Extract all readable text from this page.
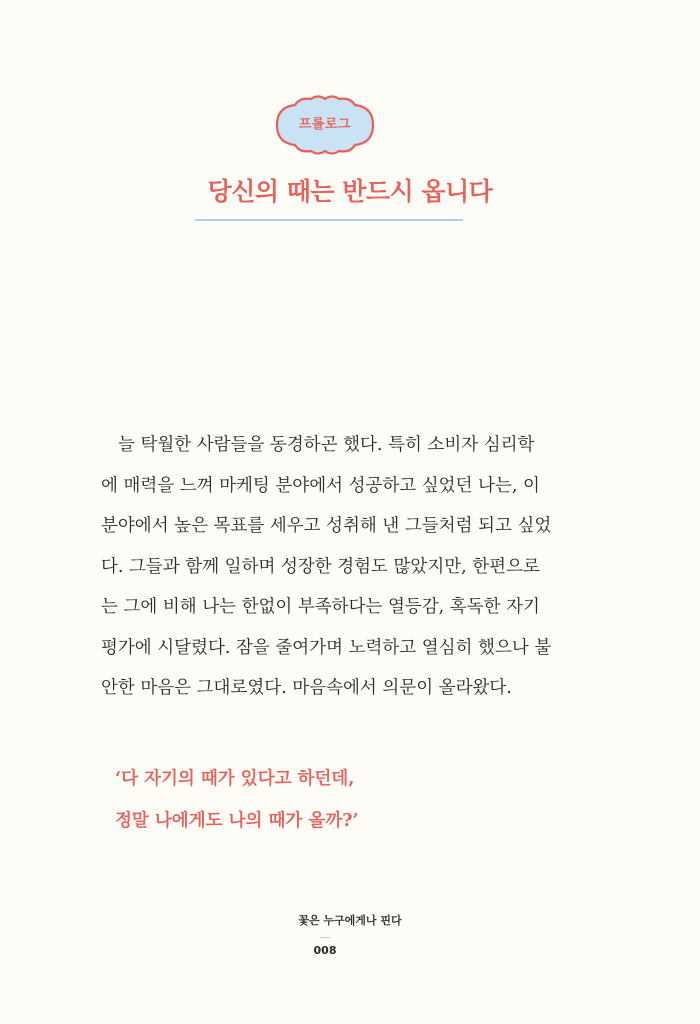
프롤로그
당신의 때는 반드시 옵니다
늘 탁월한 사람들을 동경하곤 했다. 특히 소비자 심리학
에 매력을 느껴 마케팅 분야에서 성공하고 싶었던 나는, 이
분야에서 높은 목표를 세우고 성취해 낸 그들처럼 되고 싶었
다. 그들과 함께 일하며 성장한 경험도 많았지만, 한편으로
는 그에 비해 나는 한없이 부족하다는 열등감, 혹독한 자기
평가에 시달렸다. 잠을 줄여가며 노력하고 열심히 했으나 불
안한 마음은 그대로였다. 마음속에서 의문이 올라왔다.
‘다 자기의 때가 있다고 하던데,
정말 나에게도 나의 때가 올까?’
꽃은 누구에게나 핀다
008
